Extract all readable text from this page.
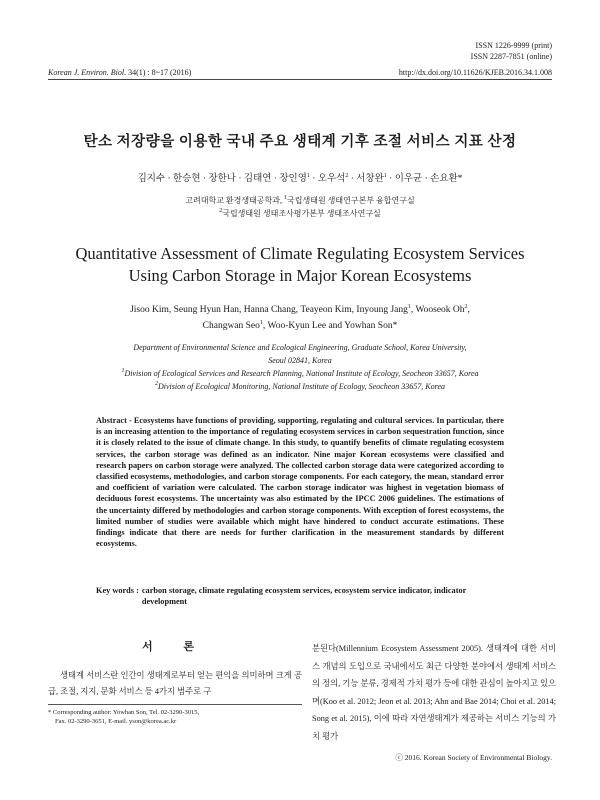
ISSN 1226-9999 (print)
ISSN 2287-7851 (online)
Korean J. Environ. Biol. 34(1) : 8~17 (2016)	http://dx.doi.org/10.11626/KJEB.2016.34.1.008
탄소 저장량을 이용한 국내 주요 생태계 기후 조절 서비스 지표 산정
김지수 · 한승현 · 장한나 · 김태연 · 장인영$^1$ · 오우석$^2$ · 서창완$^1$ · 이우균 · 손요환*
고려대학교 환경생태공학과, $^1$국립생태원 생태연구본부 융합연구실
$^2$국립생태원 생태조사평가본부 생태조사연구실
Quantitative Assessment of Climate Regulating Ecosystem Services
Using Carbon Storage in Major Korean Ecosystems
Jisoo Kim, Seung Hyun Han, Hanna Chang, Teayeon Kim, Inyoung Jang$^1$, Wooseok Oh$^2$,
Changwan Seo$^1$, Woo-Kyun Lee and Yowhan Son*
Department of Environmental Science and Ecological Engineering, Graduate School, Korea University,
Seoul 02841, Korea
$^1$Division of Ecological Services and Research Planning, National Institute of Ecology, Seocheon 33657, Korea
$^2$Division of Ecological Monitoring, National Institute of Ecology, Seocheon 33657, Korea
Abstract - Ecosystems have functions of providing, supporting, regulating and cultural services. In particular, there is an increasing attention to the importance of regulating ecosystem services in carbon sequestration function, since it is closely related to the issue of climate change. In this study, to quantify benefits of climate regulating ecosystem services, the carbon storage was defined as an indicator. Nine major Korean ecosystems were classified and research papers on carbon storage were analyzed. The collected carbon storage data were categorized according to classified ecosystems, methodologies, and carbon storage components. For each category, the mean, standard error and coefficient of variation were calculated. The carbon storage indicator was highest in vegetation biomass of deciduous forest ecosystems. The uncertainty was also estimated by the IPCC 2006 guidelines. The estimations of the uncertainty differed by methodologies and carbon storage components. With exception of forest ecosystems, the limited number of studies were available which might have hindered to conduct accurate estimations. These findings indicate that there are needs for further clarification in the measurement standards by different ecosystems.
Key words : carbon storage, climate regulating ecosystem services, ecosystem service indicator, indicator development
서 론
생태계 서비스란 인간이 생태계로부터 얻는 편익을 의미하며 크게 공급, 조절, 지지, 문화 서비스 등 4가지 범주로 구
* Corresponding author: Yowhan Son, Tel. 02-3290-3015,
Fax. 02-3290-3651, E-mail. yson@korea.ac.kr
분된다(Millennium Ecosystem Assessment 2005). 생태계에 대한 서비스 개념의 도입으로 국내에서도 최근 다양한 분야에서 생태계 서비스의 정의, 기능 분류, 경제적 가치 평가 등에 대한 관심이 높아지고 있으며(Koo et al. 2012; Jeon et al. 2013; Ahn and Bae 2014; Choi et al. 2014; Song et al. 2015), 이에 따라 자연생태계가 제공하는 서비스 기능의 가치 평가
ⓒ 2016. Korean Society of Environmental Biology.
